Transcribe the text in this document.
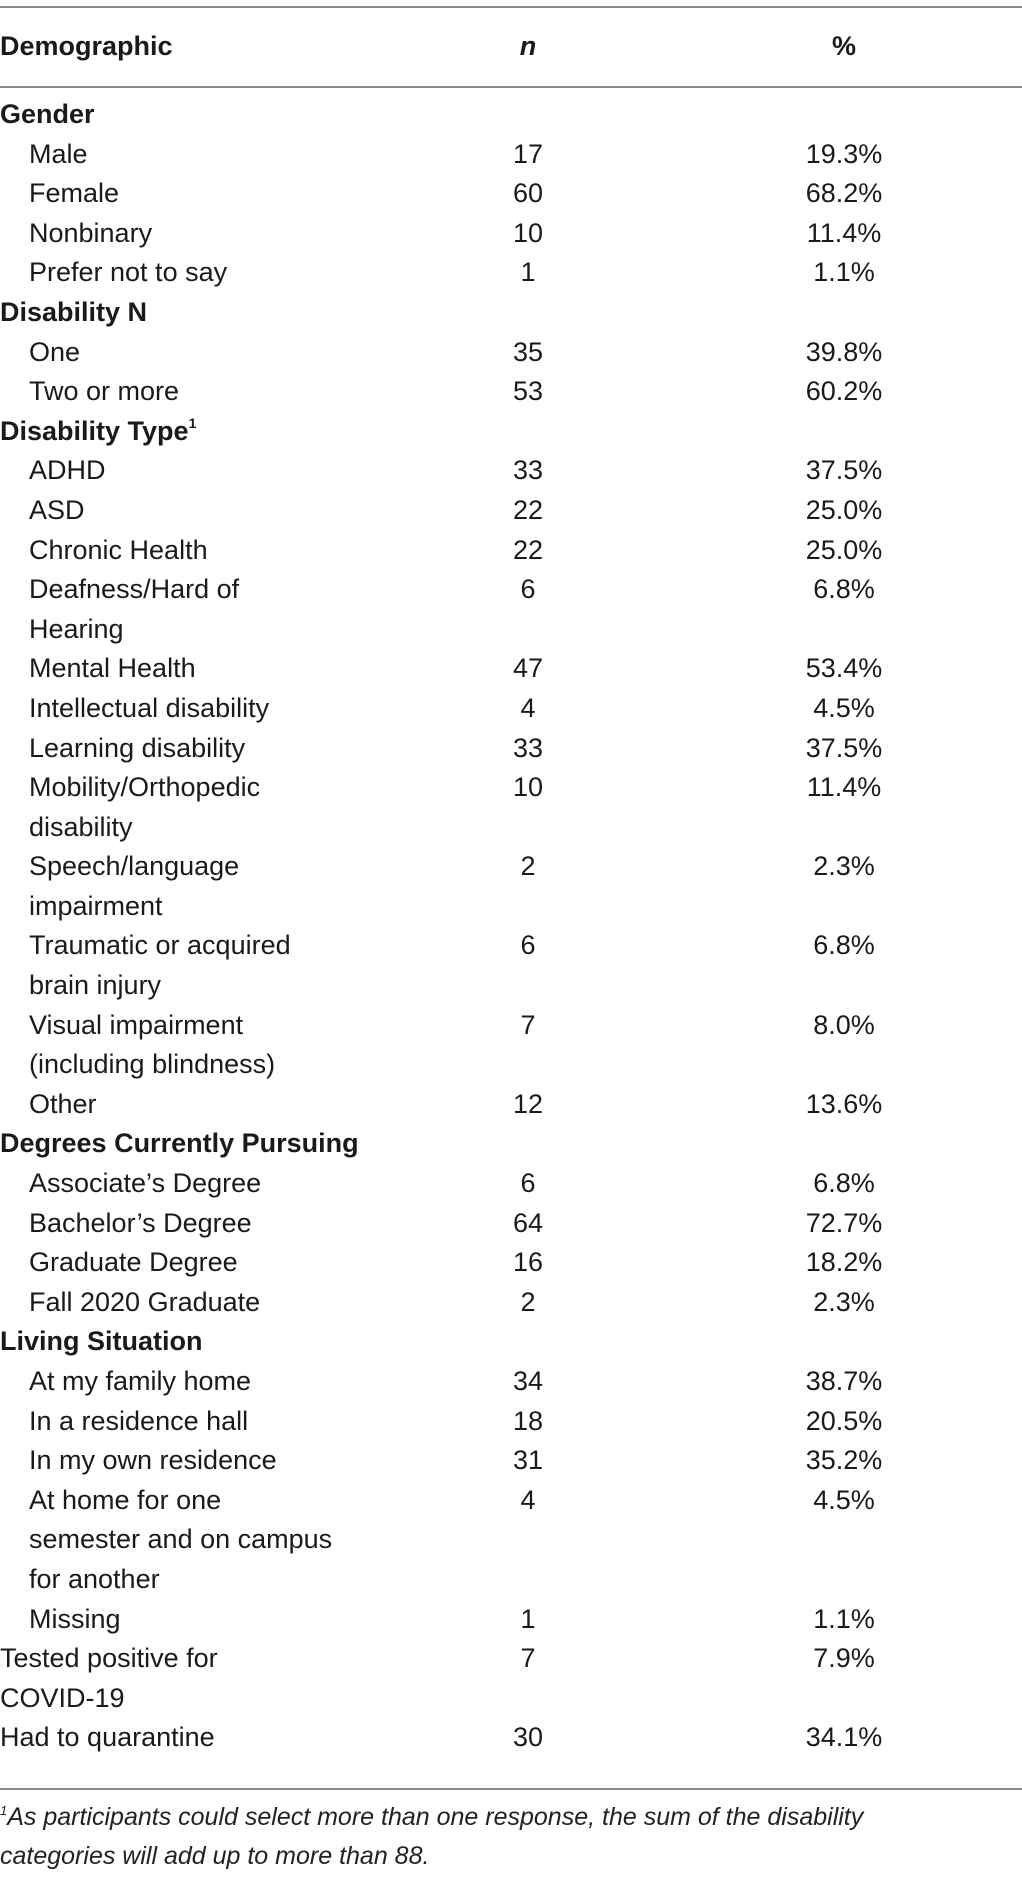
Demographic	n	%
Gender		
Male	17	19.3%
Female	60	68.2%
Nonbinary	10	11.4%
Prefer not to say	1	1.1%
Disability N		
One	35	39.8%
Two or more	53	60.2%
Disability Type$^1$		
ADHD	33	37.5%
ASD	22	25.0%
Chronic Health	22	25.0%
Deafness/Hard of
Hearing	6	6.8%
Mental Health	47	53.4%
Intellectual disability	4	4.5%
Learning disability	33	37.5%
Mobility/Orthopedic
disability	10	11.4%
Speech/language
impairment	2	2.3%
Traumatic or acquired
brain injury	6	6.8%
Visual impairment
(including blindness)	7	8.0%
Other	12	13.6%
Degrees Currently Pursuing		
Associate’s Degree	6	6.8%
Bachelor’s Degree	64	72.7%
Graduate Degree	16	18.2%
Fall 2020 Graduate	2	2.3%
Living Situation		
At my family home	34	38.7%
In a residence hall	18	20.5%
In my own residence	31	35.2%
At home for one
semester and on campus
for another	4	4.5%
Missing	1	1.1%
Tested positive for
COVID-19	7	7.9%
Had to quarantine	30	34.1%
$^1$As participants could select more than one response, the sum of the disability
categories will add up to more than 88.
